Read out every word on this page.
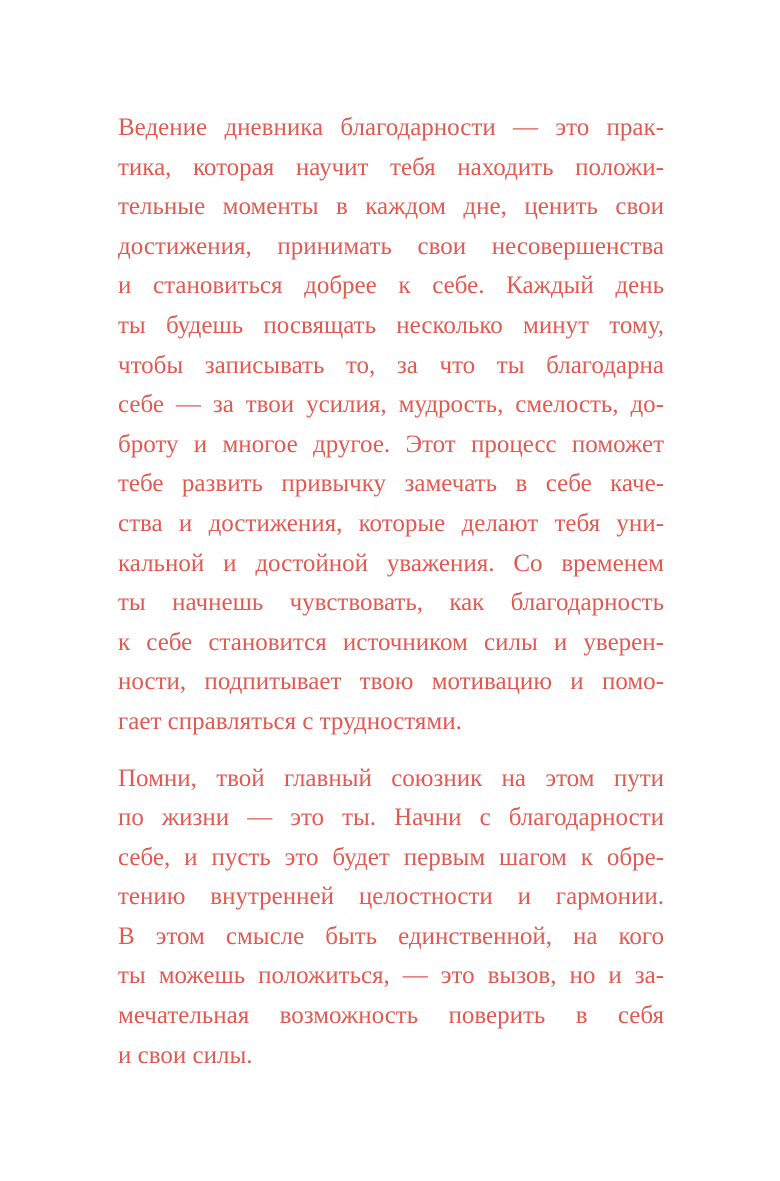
Ведение дневника благодарности — это прак-
тика, которая научит тебя находить положи-
тельные моменты в каждом дне, ценить свои
достижения, принимать свои несовершенства
и становиться добрее к себе. Каждый день
ты будешь посвящать несколько минут тому,
чтобы записывать то, за что ты благодарна
себе — за твои усилия, мудрость, смелость, до-
броту и многое другое. Этот процесс поможет
тебе развить привычку замечать в себе каче-
ства и достижения, которые делают тебя уни-
кальной и достойной уважения. Со временем
ты начнешь чувствовать, как благодарность
к себе становится источником силы и уверен-
ности, подпитывает твою мотивацию и помо-
гает справляться с трудностями.

Помни, твой главный союзник на этом пути
по жизни — это ты. Начни с благодарности
себе, и пусть это будет первым шагом к обре-
тению внутренней целостности и гармонии.
В этом смысле быть единственной, на кого
ты можешь положиться, — это вызов, но и за-
мечательная возможность поверить в себя
и свои силы.
